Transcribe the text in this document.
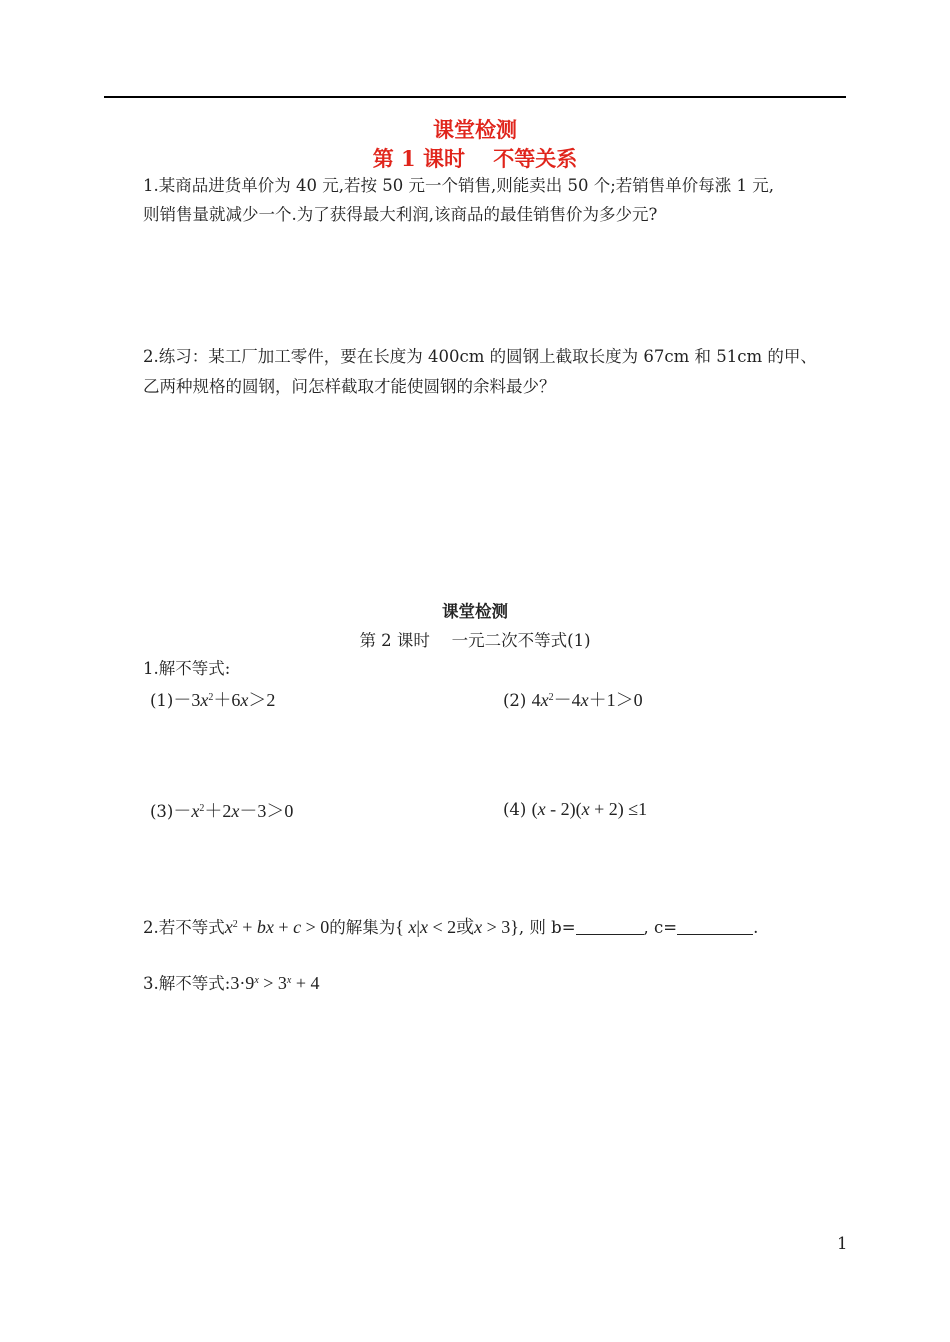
课堂检测
第 1 课时　 不等关系
1.某商品进货单价为 40 元,若按 50 元一个销售,则能卖出 50 个;若销售单价每涨 1 元,
则销售量就减少一个.为了获得最大利润,该商品的最佳销售价为多少元?
2.练习：某工厂加工零件，要在长度为 400cm 的圆钢上截取长度为 67cm 和 51cm 的甲、
乙两种规格的圆钢，问怎样截取才能使圆钢的余料最少？
课堂检测
第 2 课时　 一元二次不等式(1)
1.解不等式:
$(1)-3x^2+6x>2$	(2) $4x^2-4x+1>0$
$(3)-x^2+2x-3>0$	(4) (x - 2)(x + 2) ≤1
2.若不等式$x^2$ + bx + c > 0的解集为{ x|x < 2或x > 3}, 则 b=	, c=	.
3.解不等式$:3\cdot 9^x > 3^x + 4$
1
